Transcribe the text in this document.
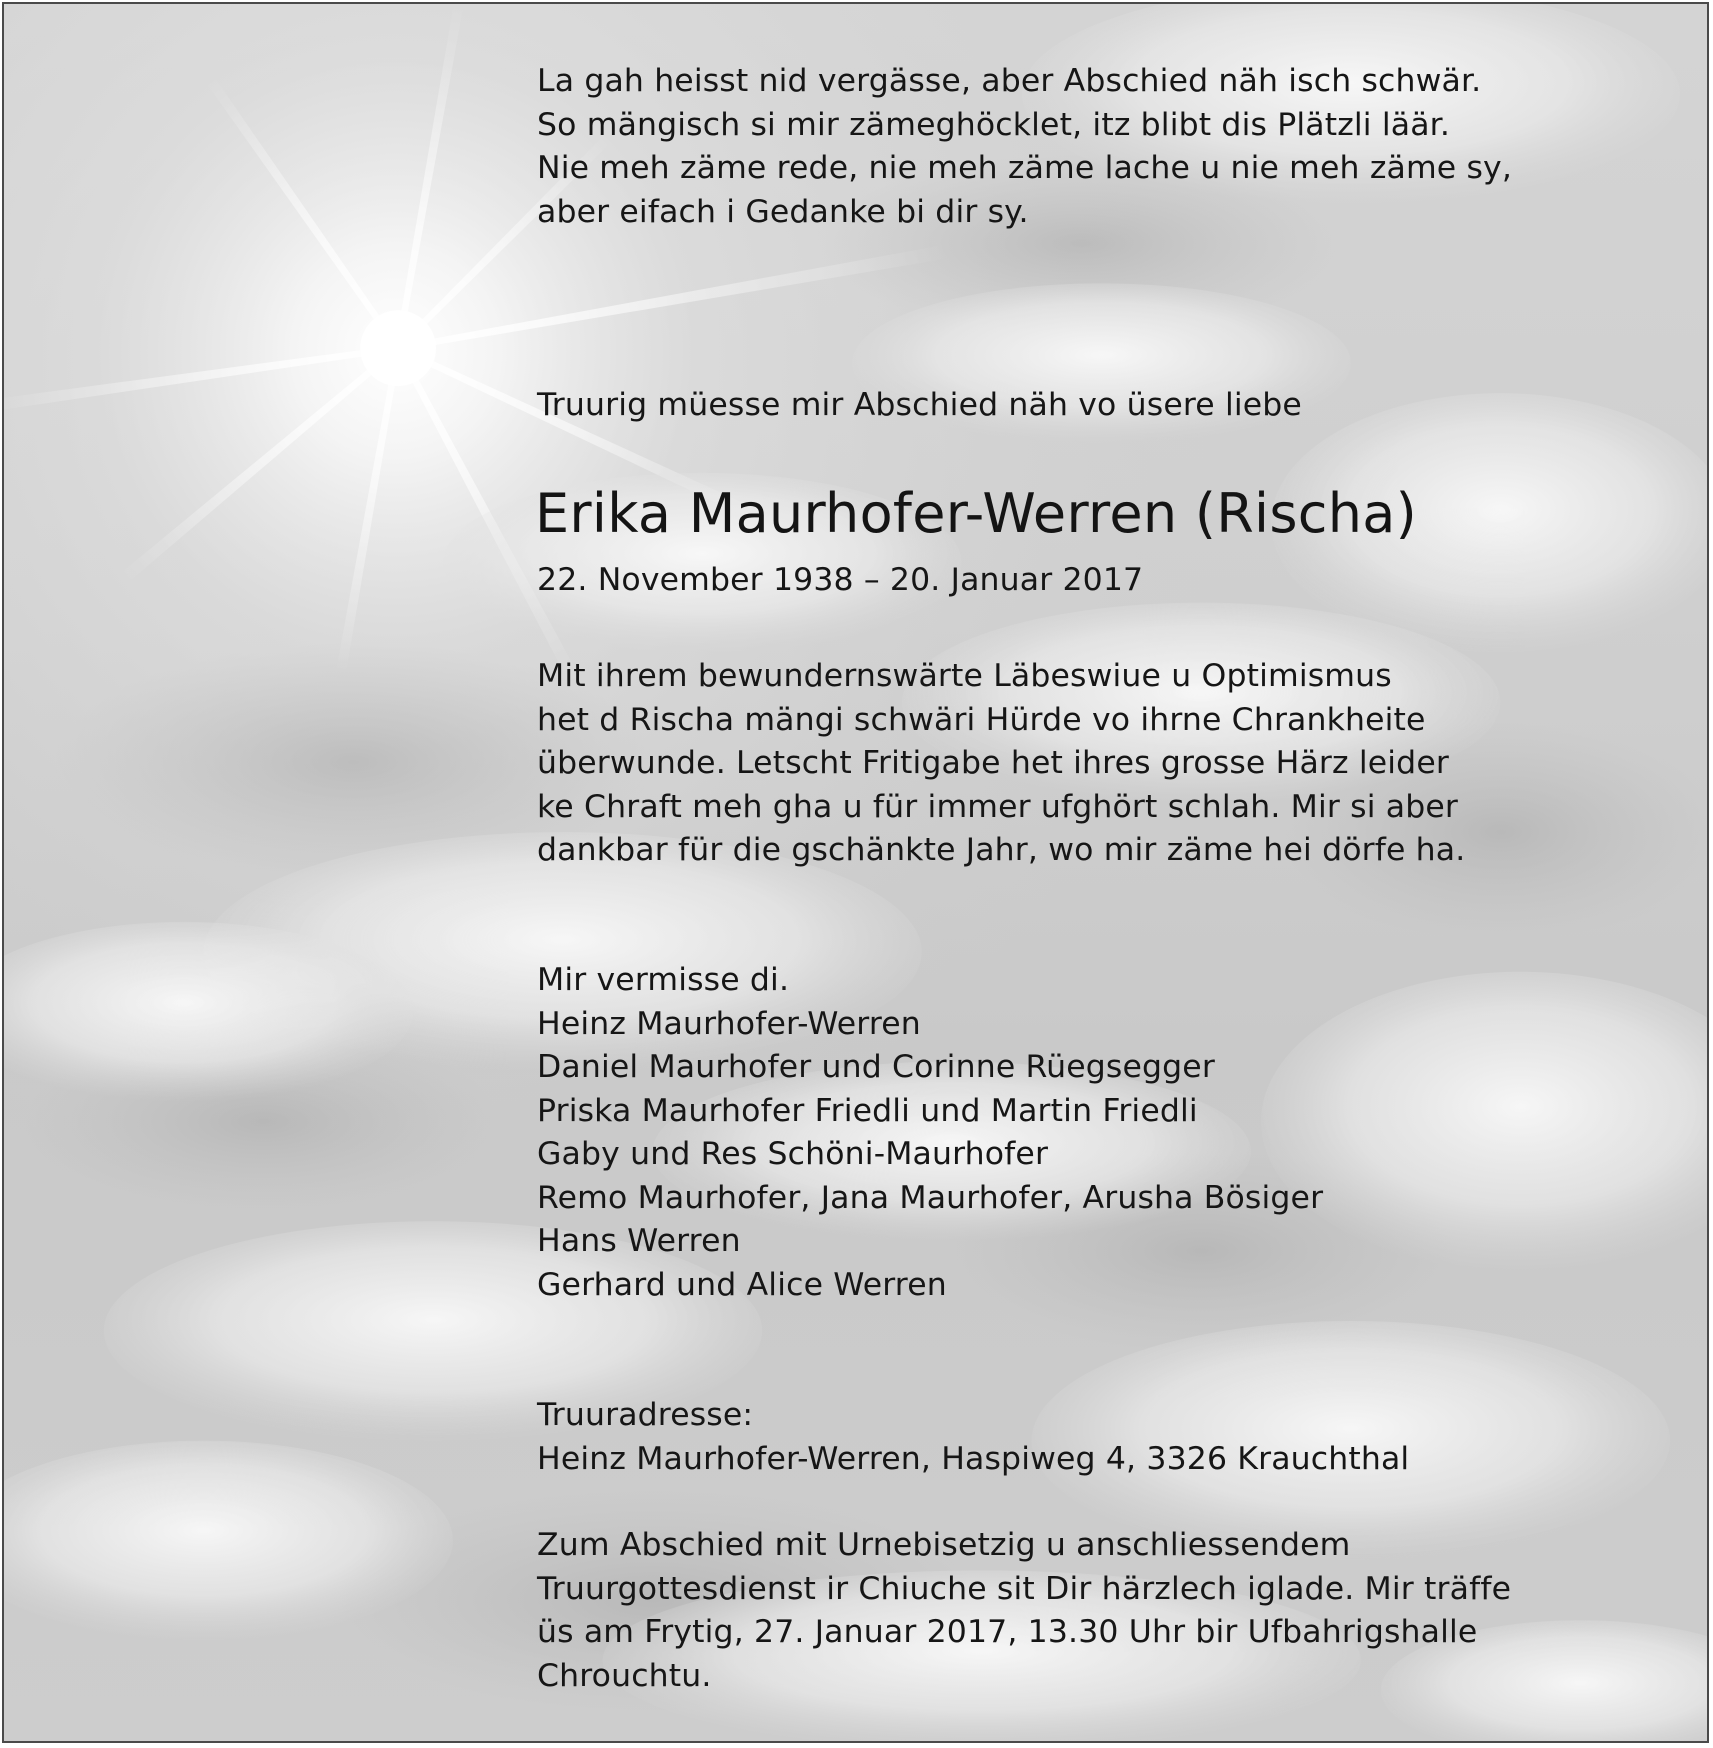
La gah heisst nid vergässe, aber Abschied näh isch schwär.
So mängisch si mir zämeghöcklet, itz blibt dis Plätzli läär.
Nie meh zäme rede, nie meh zäme lache u nie meh zäme sy,
aber eifach i Gedanke bi dir sy.
Truurig müesse mir Abschied näh vo üsere liebe
Erika Maurhofer-Werren (Rischa)
22. November 1938 – 20. Januar 2017
Mit ihrem bewundernswärte Läbeswiue u Optimismus
het d Rischa mängi schwäri Hürde vo ihrne Chrankheite
überwunde. Letscht Fritigabe het ihres grosse Härz leider
ke Chraft meh gha u für immer ufghört schlah. Mir si aber
dankbar für die gschänkte Jahr, wo mir zäme hei dörfe ha.
Mir vermisse di.
Heinz Maurhofer-Werren
Daniel Maurhofer und Corinne Rüegsegger
Priska Maurhofer Friedli und Martin Friedli
Gaby und Res Schöni-Maurhofer
Remo Maurhofer, Jana Maurhofer, Arusha Bösiger
Hans Werren
Gerhard und Alice Werren
Truuradresse:
Heinz Maurhofer-Werren, Haspiweg 4, 3326 Krauchthal
Zum Abschied mit Urnebisetzig u anschliessendem
Truurgottesdienst ir Chiuche sit Dir härzlech iglade. Mir träffe
üs am Frytig, 27. Januar 2017, 13.30 Uhr bir Ufbahrigshalle
Chrouchtu.
